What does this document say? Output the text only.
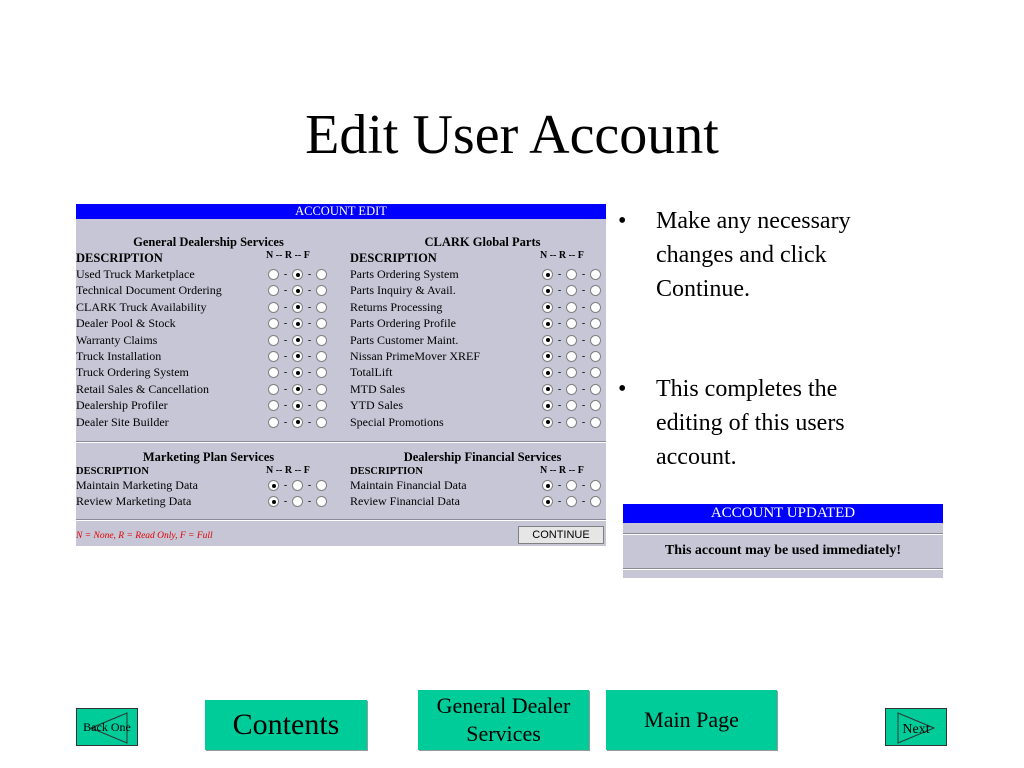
Edit User Account
ACCOUNT EDIT
General Dealership Services
DESCRIPTION	N -- R -- F
Used Truck Marketplace	- -
Technical Document Ordering	- -
CLARK Truck Availability	- -
Dealer Pool & Stock	- -
Warranty Claims	- -
Truck Installation	- -
Truck Ordering System	- -
Retail Sales & Cancellation	- -
Dealership Profiler	- -
Dealer Site Builder	- -
CLARK Global Parts
DESCRIPTION	N -- R -- F
Parts Ordering System	- -
Parts Inquiry & Avail.	- -
Returns Processing	- -
Parts Ordering Profile	- -
Parts Customer Maint.	- -
Nissan PrimeMover XREF	- -
TotalLift	- -
MTD Sales	- -
YTD Sales	- -
Special Promotions	- -
Marketing Plan Services
DESCRIPTION	N -- R -- F
Maintain Marketing Data	- -
Review Marketing Data	- -
Dealership Financial Services
DESCRIPTION	N -- R -- F
Maintain Financial Data	- -
Review Financial Data	- -
N = None, R = Read Only, F = Full	CONTINUE
• Make any necessary changes and click Continue.
• This completes the editing of this users account.
ACCOUNT UPDATED
This account may be used immediately!
Back One	Contents
General Dealer Services
Main Page	Next
